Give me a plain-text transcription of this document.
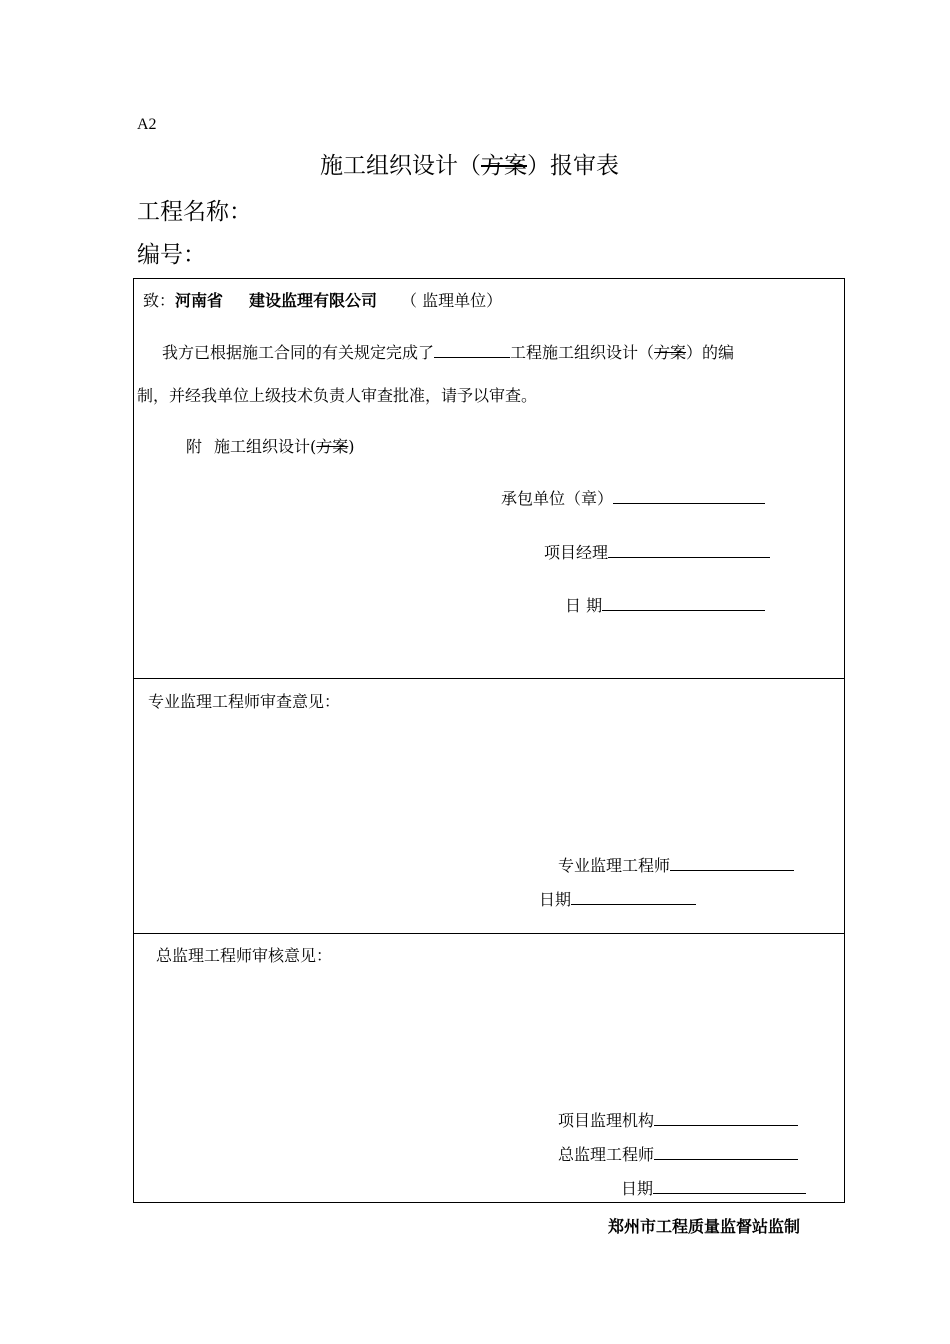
A2
施工组织设计（方案）报审表
工程名称：
编号：
致：河南省 建设监理有限公司 （ 监理单位）
我方已根据施工合同的有关规定完成了	工程施工组织设计（方案）的编
制，并经我单位上级技术负责人审查批准，请予以审查。
附 施工组织设计(方案)
承包单位（章）
项目经理
日 期
专业监理工程师审查意见：
专业监理工程师
日期
总监理工程师审核意见：
项目监理机构
总监理工程师
日期
郑州市工程质量监督站监制
